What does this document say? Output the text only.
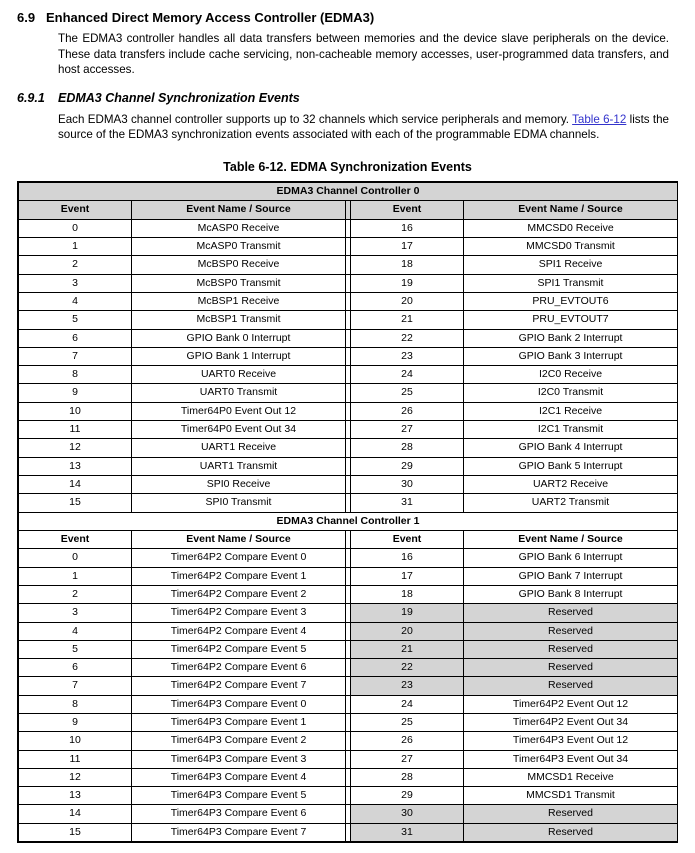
6.9 Enhanced Direct Memory Access Controller (EDMA3)

The EDMA3 controller handles all data transfers between memories and the device slave peripherals on the device. These data transfers include cache servicing, non-cacheable memory accesses, user-programmed data transfers, and host accesses.

6.9.1	EDMA3 Channel Synchronization Events

Each EDMA3 channel controller supports up to 32 channels which service peripherals and memory. Table 6-12 lists the source of the EDMA3 synchronization events associated with each of the programmable EDMA channels.

Table 6-12. EDMA Synchronization Events
EDMA3 Channel Controller 0				
Event	Event Name / Source		Event	Event Name / Source
0	McASP0 Receive		16	MMCSD0 Receive
1	McASP0 Transmit		17	MMCSD0 Transmit
2	McBSP0 Receive		18	SPI1 Receive
3	McBSP0 Transmit		19	SPI1 Transmit
4	McBSP1 Receive		20	PRU_EVTOUT6
5	McBSP1 Transmit		21	PRU_EVTOUT7
6	GPIO Bank 0 Interrupt		22	GPIO Bank 2 Interrupt
7	GPIO Bank 1 Interrupt		23	GPIO Bank 3 Interrupt
8	UART0 Receive		24	I2C0 Receive
9	UART0 Transmit		25	I2C0 Transmit
10	Timer64P0 Event Out 12		26	I2C1 Receive
11	Timer64P0 Event Out 34		27	I2C1 Transmit
12	UART1 Receive		28	GPIO Bank 4 Interrupt
13	UART1 Transmit		29	GPIO Bank 5 Interrupt
14	SPI0 Receive		30	UART2 Receive
15	SPI0 Transmit		31	UART2 Transmit
EDMA3 Channel Controller 1				
Event	Event Name / Source		Event	Event Name / Source
0	Timer64P2 Compare Event 0		16	GPIO Bank 6 Interrupt
1	Timer64P2 Compare Event 1		17	GPIO Bank 7 Interrupt
2	Timer64P2 Compare Event 2		18	GPIO Bank 8 Interrupt
3	Timer64P2 Compare Event 3		19	Reserved
4	Timer64P2 Compare Event 4		20	Reserved
5	Timer64P2 Compare Event 5		21	Reserved
6	Timer64P2 Compare Event 6		22	Reserved
7	Timer64P2 Compare Event 7		23	Reserved
8	Timer64P3 Compare Event 0		24	Timer64P2 Event Out 12
9	Timer64P3 Compare Event 1		25	Timer64P2 Event Out 34
10	Timer64P3 Compare Event 2		26	Timer64P3 Event Out 12
11	Timer64P3 Compare Event 3		27	Timer64P3 Event Out 34
12	Timer64P3 Compare Event 4		28	MMCSD1 Receive
13	Timer64P3 Compare Event 5		29	MMCSD1 Transmit
14	Timer64P3 Compare Event 6		30	Reserved
15	Timer64P3 Compare Event 7		31	Reserved
